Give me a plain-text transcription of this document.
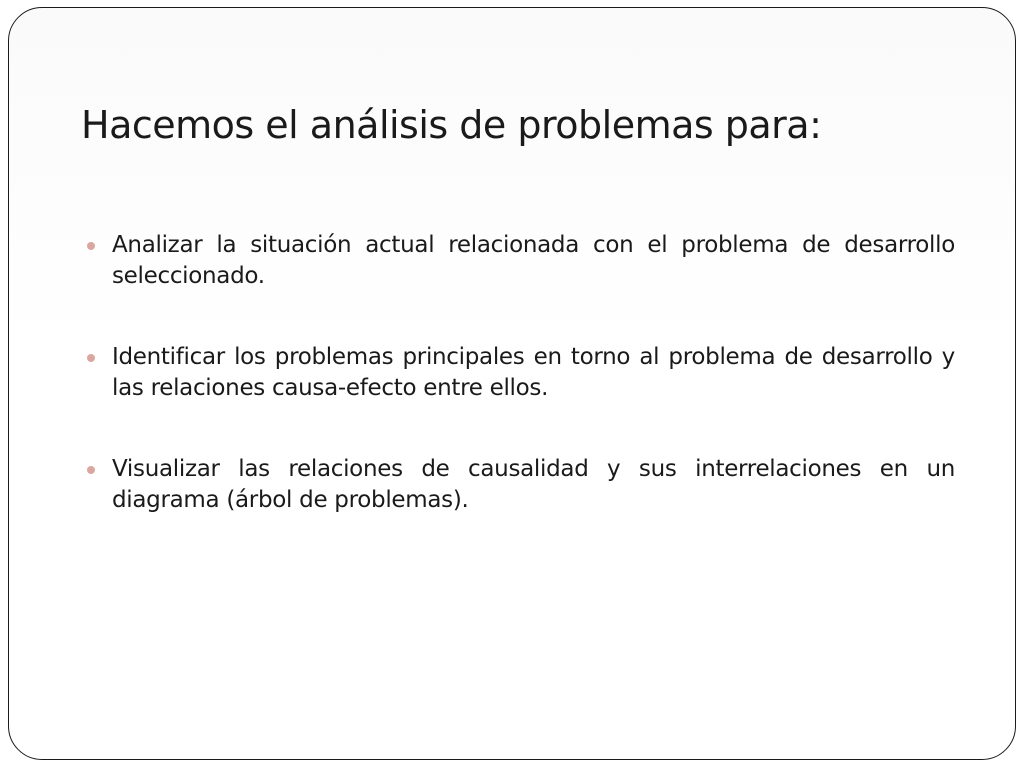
Hacemos el análisis de problemas para:
Analizar la situación actual relacionada con el problema de desarrollo seleccionado.
Identificar los problemas principales en torno al problema de desarrollo y las relaciones causa-efecto entre ellos.
Visualizar las relaciones de causalidad y sus interrelaciones en un diagrama (árbol de problemas).
